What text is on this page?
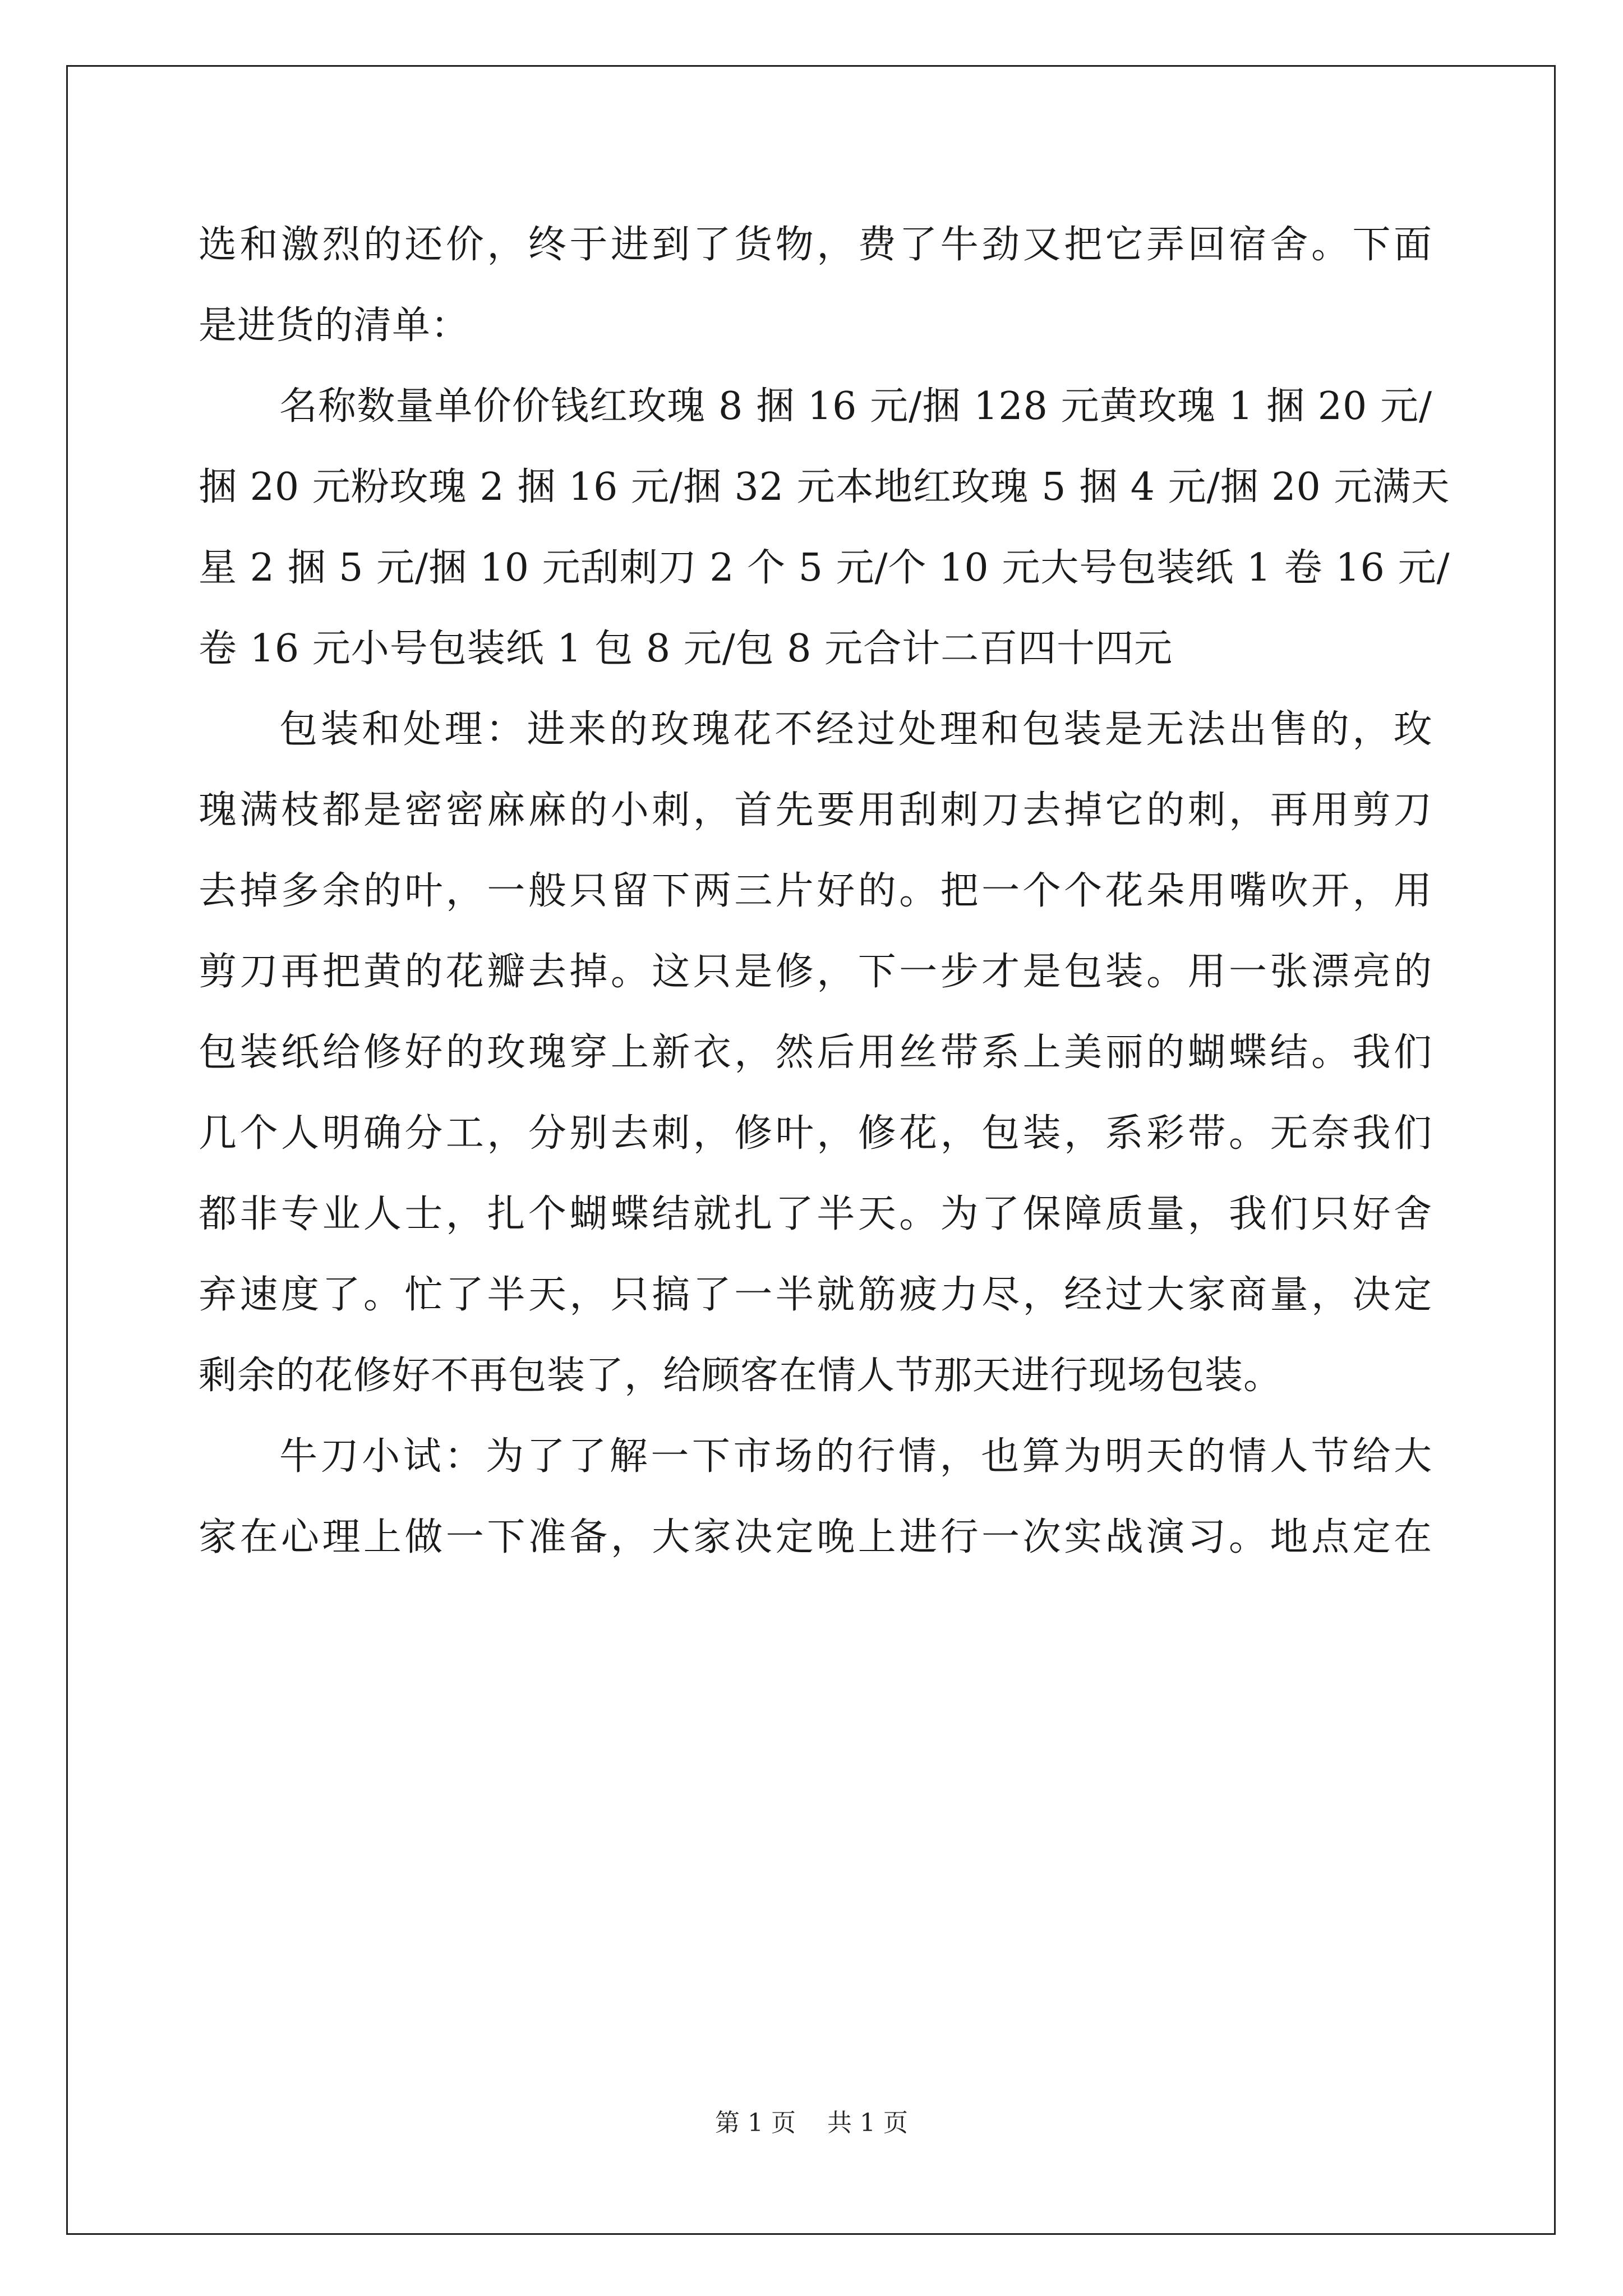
选和激烈的还价，终于进到了货物，费了牛劲又把它弄回宿舍。下面
是进货的清单：
名称数量单价价钱红玫瑰 8 捆 16 元/捆 128 元黄玫瑰 1 捆 20 元/
捆 20 元粉玫瑰 2 捆 16 元/捆 32 元本地红玫瑰 5 捆 4 元/捆 20 元满天
星 2 捆 5 元/捆 10 元刮刺刀 2 个 5 元/个 10 元大号包装纸 1 卷 16 元/
卷 16 元小号包装纸 1 包 8 元/包 8 元合计二百四十四元
包装和处理：进来的玫瑰花不经过处理和包装是无法出售的，玫
瑰满枝都是密密麻麻的小刺，首先要用刮刺刀去掉它的刺，再用剪刀
去掉多余的叶，一般只留下两三片好的。把一个个花朵用嘴吹开，用
剪刀再把黄的花瓣去掉。这只是修，下一步才是包装。用一张漂亮的
包装纸给修好的玫瑰穿上新衣，然后用丝带系上美丽的蝴蝶结。我们
几个人明确分工，分别去刺，修叶，修花，包装，系彩带。无奈我们
都非专业人士，扎个蝴蝶结就扎了半天。为了保障质量，我们只好舍
弃速度了。忙了半天，只搞了一半就筋疲力尽，经过大家商量，决定
剩余的花修好不再包装了，给顾客在情人节那天进行现场包装。
牛刀小试：为了了解一下市场的行情，也算为明天的情人节给大
家在心理上做一下准备，大家决定晚上进行一次实战演习。地点定在
第 1 页 共 1 页
